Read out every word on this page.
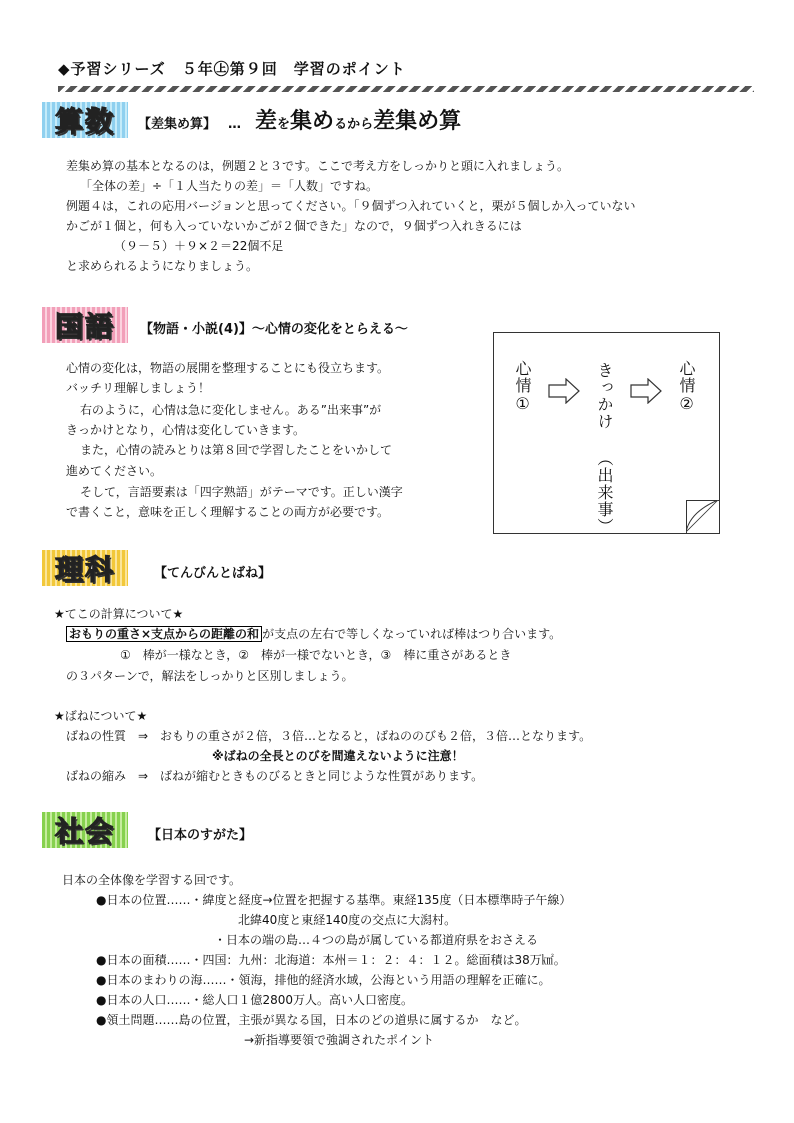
◆予習シリーズ　５年㊤第９回　学習のポイント
算数	【差集め算】 … 差 を 集め るから 差集め算
差集め算の基本となるのは，例題２と３です。ここで考え方をしっかりと頭に入れましょう。
「全体の差」÷「１人当たりの差」＝「人数」ですね。
例題４は，これの応用バージョンと思ってください。「９個ずつ入れていくと，栗が５個しか入っていない
かごが１個と，何も入っていないかごが２個できた」なので，９個ずつ入れきるには
（９－５）＋９×２＝22個不足
と求められるようになりましょう。
国語	【物語・小説(4)】～心情の変化をとらえる～
心情の変化は，物語の展開を整理することにも役立ちます。
バッチリ理解しましょう！
右のように，心情は急に変化しません。ある”出来事”が
きっかけとなり，心情は変化していきます。
また，心情の読みとりは第８回で学習したことをいかして
進めてください。
そして，言語要素は「四字熟語」がテーマです。正しい漢字
で書くこと，意味を正しく理解することの両方が必要です。
心情①	きっかけ
（出来事）
心情②
理科	【てんびんとばね】
★てこの計算について★
おもりの重さ×支点からの距離の和 が支点の左右で等しくなっていれば棒はつり合います。
①　棒が一様なとき，②　棒が一様でないとき，③　棒に重さがあるとき
の３パターンで，解法をしっかりと区別しましょう。
★ばねについて★
ばねの性質　⇒　おもりの重さが２倍，３倍…となると，ばねののびも２倍，３倍…となります。
※ばねの全長とのびを間違えないように注意！
ばねの縮み　⇒　ばねが縮むときものびるときと同じような性質があります。
社会	【日本のすがた】
日本の全体像を学習する回です。
●日本の位置……・緯度と経度→位置を把握する基準。東経135度（日本標準時子午線）
北緯40度と東経140度の交点に大潟村。
・日本の端の島…４つの島が属している都道府県をおさえる
●日本の面積……・四国：九州：北海道：本州＝１：２：４：１２。総面積は38万㎢。
●日本のまわりの海……・領海，排他的経済水域，公海という用語の理解を正確に。
●日本の人口……・総人口１億2800万人。高い人口密度。
●領土問題……島の位置，主張が異なる国，日本のどの道県に属するか　など。
→新指導要領で強調されたポイント
